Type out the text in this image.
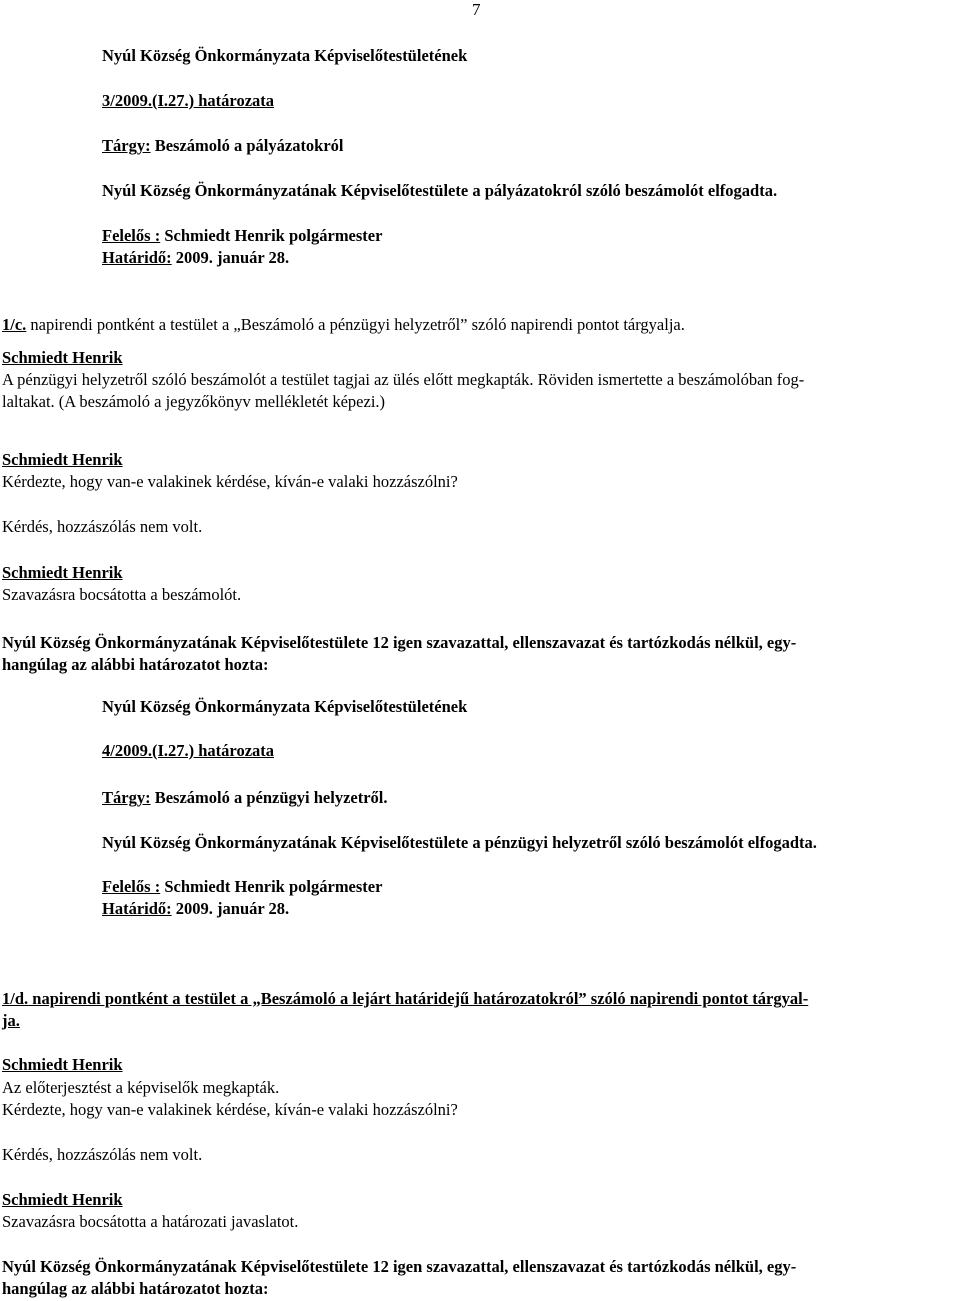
7
Nyúl Község Önkormányzata Képviselőtestületének
3/2009.(I.27.) határozata
Tárgy: Beszámoló a pályázatokról
Nyúl Község Önkormányzatának Képviselőtestülete a pályázatokról szóló beszámolót elfogadta.
Felelős : Schmiedt Henrik polgármester
Határidő: 2009. január 28.
1/c. napirendi pontként a testület a „Beszámoló a pénzügyi helyzetről” szóló napirendi pontot tárgyalja.
Schmiedt Henrik
A pénzügyi helyzetről szóló beszámolót a testület tagjai az ülés előtt megkapták. Röviden ismertette a beszámolóban fog-
laltakat. (A beszámoló a jegyzőkönyv mellékletét képezi.)
Schmiedt Henrik
Kérdezte, hogy van-e valakinek kérdése, kíván-e valaki hozzászólni?
Kérdés, hozzászólás nem volt.
Schmiedt Henrik
Szavazásra bocsátotta a beszámolót.
Nyúl Község Önkormányzatának Képviselőtestülete 12 igen szavazattal, ellenszavazat és tartózkodás nélkül, egy-
hangúlag az alábbi határozatot hozta:
Nyúl Község Önkormányzata Képviselőtestületének
4/2009.(I.27.) határozata
Tárgy: Beszámoló a pénzügyi helyzetről.
Nyúl Község Önkormányzatának Képviselőtestülete a pénzügyi helyzetről szóló beszámolót elfogadta.
Felelős : Schmiedt Henrik polgármester
Határidő: 2009. január 28.
1/d. napirendi pontként a testület a „Beszámoló a lejárt határidejű határozatokról” szóló napirendi pontot tárgyal-
ja.
Schmiedt Henrik
Az előterjesztést a képviselők megkapták.
Kérdezte, hogy van-e valakinek kérdése, kíván-e valaki hozzászólni?
Kérdés, hozzászólás nem volt.
Schmiedt Henrik
Szavazásra bocsátotta a határozati javaslatot.
Nyúl Község Önkormányzatának Képviselőtestülete 12 igen szavazattal, ellenszavazat és tartózkodás nélkül, egy-
hangúlag az alábbi határozatot hozta:
